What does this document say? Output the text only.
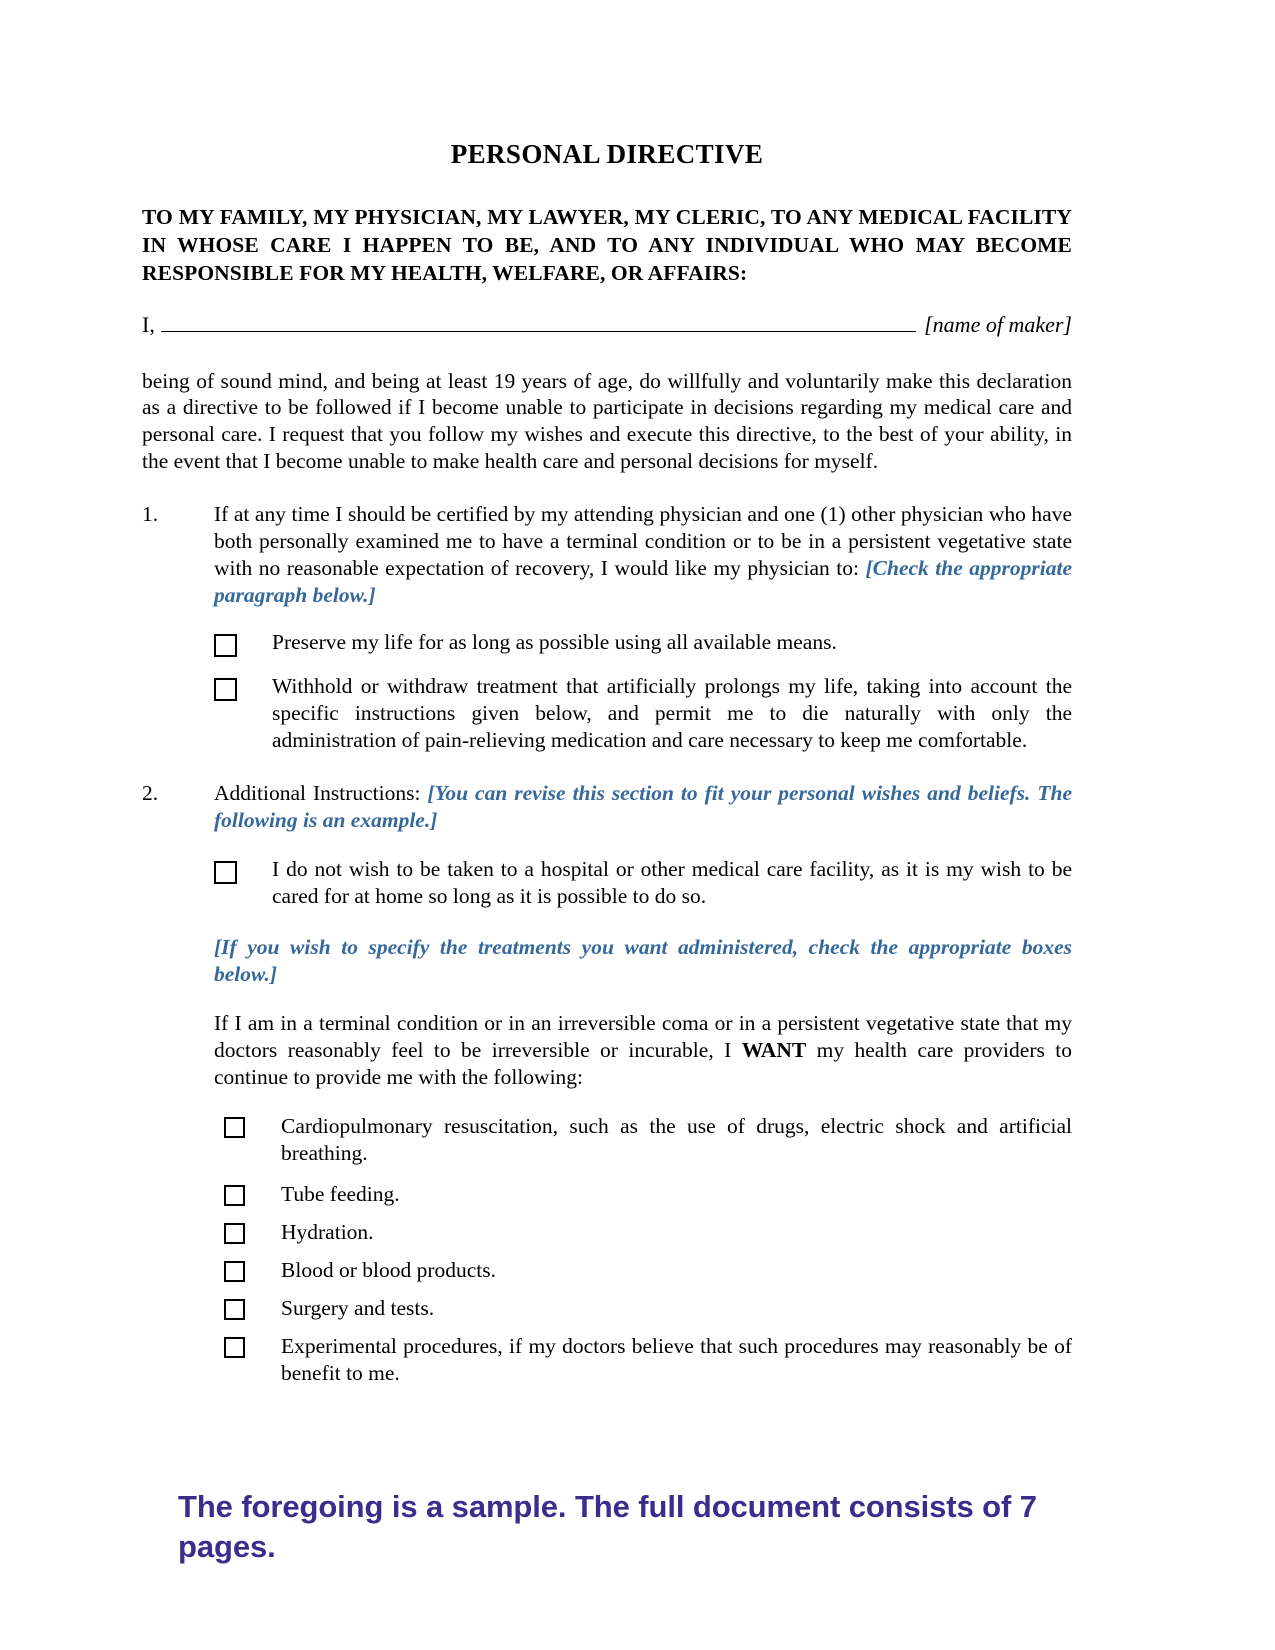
PERSONAL DIRECTIVE
TO MY FAMILY, MY PHYSICIAN, MY LAWYER, MY CLERIC, TO ANY MEDICAL FACILITY IN WHOSE CARE I HAPPEN TO BE, AND TO ANY INDIVIDUAL WHO MAY BECOME RESPONSIBLE FOR MY HEALTH, WELFARE, OR AFFAIRS:
I,	[name of maker]
being of sound mind, and being at least 19 years of age, do willfully and voluntarily make this declaration as a directive to be followed if I become unable to participate in decisions regarding my medical care and personal care. I request that you follow my wishes and execute this directive, to the best of your ability, in the event that I become unable to make health care and personal decisions for myself.
1.	If at any time I should be certified by my attending physician and one (1) other physician who have both personally examined me to have a terminal condition or to be in a persistent vegetative state with no reasonable expectation of recovery, I would like my physician to: [Check the appropriate paragraph below.]
Preserve my life for as long as possible using all available means.
Withhold or withdraw treatment that artificially prolongs my life, taking into account the specific instructions given below, and permit me to die naturally with only the administration of pain-relieving medication and care necessary to keep me comfortable.
2.	Additional Instructions: [You can revise this section to fit your personal wishes and beliefs. The following is an example.]
I do not wish to be taken to a hospital or other medical care facility, as it is my wish to be cared for at home so long as it is possible to do so.
[If you wish to specify the treatments you want administered, check the appropriate boxes below.]
If I am in a terminal condition or in an irreversible coma or in a persistent vegetative state that my doctors reasonably feel to be irreversible or incurable, I WANT my health care providers to continue to provide me with the following:
Cardiopulmonary resuscitation, such as the use of drugs, electric shock and artificial breathing.
Tube feeding.
Hydration.
Blood or blood products.
Surgery and tests.
Experimental procedures, if my doctors believe that such procedures may reasonably be of benefit to me.
The foregoing is a sample. The full document consists of 7 pages.
